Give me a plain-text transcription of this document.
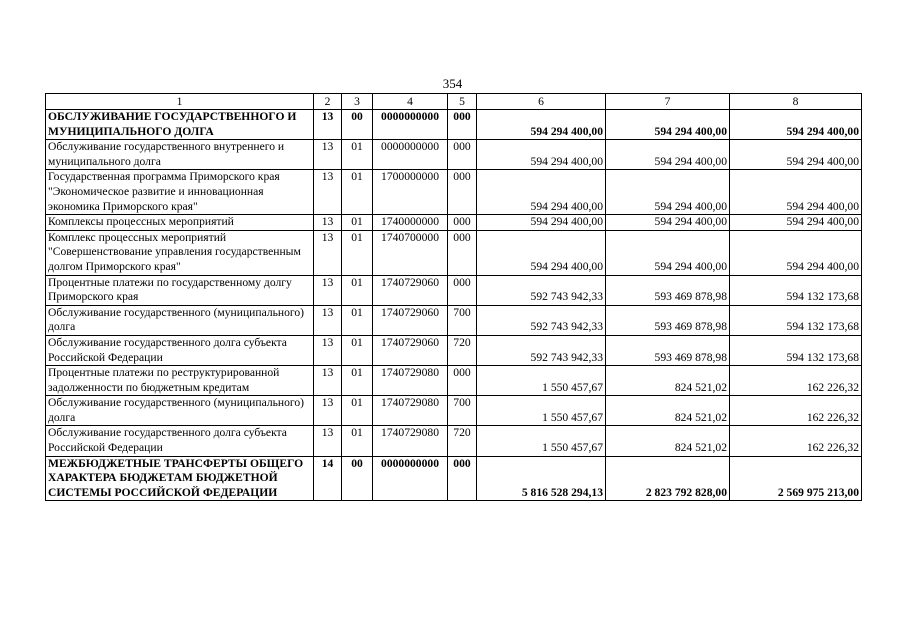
354
1	2	3	4	5	6	7	8
ОБСЛУЖИВАНИЕ ГОСУДАРСТВЕННОГО И МУНИЦИПАЛЬНОГО ДОЛГА	13	00	0000000000	000	594 294 400,00	594 294 400,00	594 294 400,00
Обслуживание государственного внутреннего и муниципального долга	13	01	0000000000	000	594 294 400,00	594 294 400,00	594 294 400,00
Государственная программа Приморского края "Экономическое развитие и инновационная экономика Приморского края"	13	01	1700000000	000	594 294 400,00	594 294 400,00	594 294 400,00
Комплексы процессных мероприятий	13	01	1740000000	000	594 294 400,00	594 294 400,00	594 294 400,00
Комплекс процессных мероприятий "Совершенствование управления государственным долгом Приморского края"	13	01	1740700000	000	594 294 400,00	594 294 400,00	594 294 400,00
Процентные платежи по государственному долгу Приморского края	13	01	1740729060	000	592 743 942,33	593 469 878,98	594 132 173,68
Обслуживание государственного (муниципального) долга	13	01	1740729060	700	592 743 942,33	593 469 878,98	594 132 173,68
Обслуживание государственного долга субъекта Российской Федерации	13	01	1740729060	720	592 743 942,33	593 469 878,98	594 132 173,68
Процентные платежи по реструктурированной задолженности по бюджетным кредитам	13	01	1740729080	000	1 550 457,67	824 521,02	162 226,32
Обслуживание государственного (муниципального) долга	13	01	1740729080	700	1 550 457,67	824 521,02	162 226,32
Обслуживание государственного долга субъекта Российской Федерации	13	01	1740729080	720	1 550 457,67	824 521,02	162 226,32
МЕЖБЮДЖЕТНЫЕ ТРАНСФЕРТЫ ОБЩЕГО ХАРАКТЕРА БЮДЖЕТАМ БЮДЖЕТНОЙ СИСТЕМЫ РОССИЙСКОЙ ФЕДЕРАЦИИ	14	00	0000000000	000	5 816 528 294,13	2 823 792 828,00	2 569 975 213,00
